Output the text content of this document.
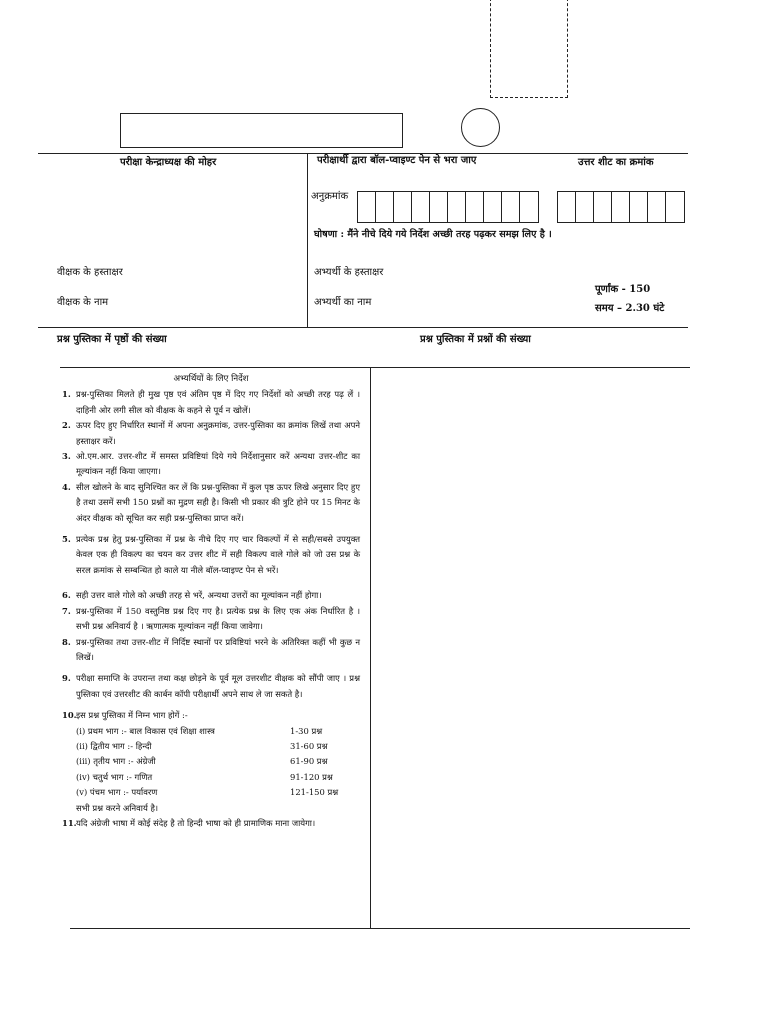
परीक्षा केन्द्राध्यक्ष की मोहर	परीक्षार्थी द्वारा बॉल-प्वाइण्ट पेन से भरा जाए	उत्तर शीट का क्रमांक
अनुक्रमांक
घोषणा : मैंने नीचे दिये गये निर्देश अच्छी तरह पढ़कर समझ लिए है ।
वीक्षक के हस्ताक्षर
वीक्षक के नाम
अभ्यर्थी के हस्ताक्षर
अभ्यर्थी का नाम
पूर्णांक - 150
समय – 2.30 घंटे
प्रश्न पुस्तिका में पृष्ठों की संख्या	प्रश्न पुस्तिका में प्रश्नों की संख्या
अभ्यर्थियों के लिए निर्देश
1. प्रश्न-पुस्तिका मिलते ही मुख पृष्ठ एवं अंतिम पृष्ठ में दिए गए निर्देशों को अच्छी तरह पढ़ लें । दाहिनी ओर लगी सील को वीक्षक के कहने से पूर्व न खोलें।
2. ऊपर दिए हुए निर्धारित स्थानों में अपना अनुक्रमांक, उत्तर-पुस्तिका का क्रमांक लिखें तथा अपने हस्ताक्षर करें।
3. ओ.एम.आर. उत्तर-शीट में समस्त प्रविष्टियां दिये गये निर्देशानुसार करें अन्यथा उत्तर-शीट का मूल्यांकन नहीं किया जाएगा।
4. सील खोलने के बाद सुनिश्चित कर लें कि प्रश्न-पुस्तिका में कुल पृष्ठ ऊपर लिखे अनुसार दिए हुए है तथा उसमें सभी 150 प्रश्नों का मुद्रण सही है। किसी भी प्रकार की त्रुटि होने पर 15 मिनट के अंदर वीक्षक को सूचित कर सही प्रश्न-पुस्तिका प्राप्त करें।
5. प्रत्येक प्रश्न हेतु प्रश्न-पुस्तिका में प्रश्न के नीचे दिए गए चार विकल्पों में से सही/सबसे उपयुक्त केवल एक ही विकल्प का चयन कर उत्तर शीट में सही विकल्प वाले गोले को जो उस प्रश्न के सरल क्रमांक से सम्बन्धित हो काले या नीले बॉल-प्वाइण्ट पेन से भरें।
6. सही उत्तर वाले गोले को अच्छी तरह से भरें, अन्यथा उत्तरों का मूल्यांकन नहीं होगा।
7. प्रश्न-पुस्तिका में 150 वस्तुनिष्ठ प्रश्न दिए गए है। प्रत्येक प्रश्न के लिए एक अंक निर्धारित है । सभी प्रश्न अनिवार्य है । ऋणात्मक मूल्यांकन नहीं किया जावेगा।
8. प्रश्न-पुस्तिका तथा उत्तर-शीट में निर्दिष्ट स्थानों पर प्रविष्टियां भरने के अतिरिक्त कहीं भी कुछ न लिखें।
9. परीक्षा समाप्ति के उपरान्त तथा कक्ष छोड़ने के पूर्व मूल उत्तरशीट वीक्षक को सौंपी जाए । प्रश्न पुस्तिका एवं उत्तरशीट की कार्बन कॉपी परीक्षार्थी अपने साथ ले जा सकते है।
10. इस प्रश्न पुस्तिका में निम्न भाग होगें :-
(i) प्रथम भाग :- बाल विकास एवं शिक्षा शास्त्र	1-30 प्रश्न
(ii) द्वितीय भाग :- हिन्दी	31-60 प्रश्न
(iii) तृतीय भाग :- अंग्रेजी	61-90 प्रश्न
(iv) चतुर्थ भाग :- गणित	91-120 प्रश्न
(v) पंचम भाग :- पर्यावरण	121-150 प्रश्न
सभी प्रश्न करने अनिवार्य है।
11. यदि अंग्रेजी भाषा में कोई संदेह है तो हिन्दी भाषा को ही प्रामाणिक माना जायेगा।
